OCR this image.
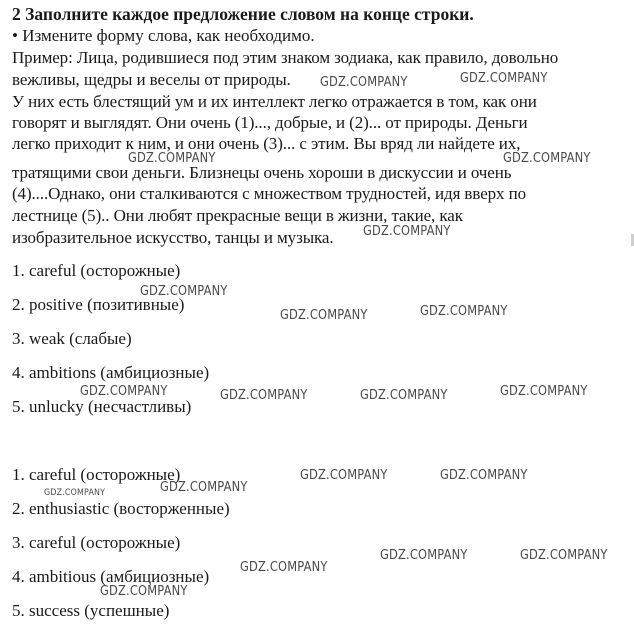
2 Заполните каждое предложение словом на конце строки.
• Измените форму слова, как необходимо.
Пример: Лица, родившиеся под этим знаком зодиака, как правило, довольно
вежливы, щедры и веселы от природы.
У них есть блестящий ум и их интеллект легко отражается в том, как они
говорят и выглядят. Они очень (1)..., добрые, и (2)... от природы. Деньги
легко приходит к ним, и они очень (3)... с этим. Вы вряд ли найдете их,
тратящими свои деньги. Близнецы очень хороши в дискуссии и очень
(4)....Однако, они сталкиваются с множеством трудностей, идя вверх по
лестнице (5).. Они любят прекрасные вещи в жизни, такие, как
изобразительное искусство, танцы и музыка.
1. careful (осторожные)
2. positive (позитивные)
3. weak (слабые)
4. ambitions (амбициозные)
5. unlucky (несчастливы)
1. careful (осторожные)
2. enthusiastic (восторженные)
3. careful (осторожные)
4. ambitious (амбициозные)
5. success (успешные)
GDZ.COMPANY	GDZ.COMPANY
GDZ.COMPANY	GDZ.COMPANY
GDZ.COMPANY
GDZ.COMPANY
GDZ.COMPANY	GDZ.COMPANY
GDZ.COMPANY	GDZ.COMPANY	GDZ.COMPANY	GDZ.COMPANY
GDZ.COMPANY	GDZ.COMPANY
GDZ.COMPANY
GDZ.COMPANY
GDZ.COMPANY	GDZ.COMPANY
GDZ.COMPANY
GDZ.COMPANY
